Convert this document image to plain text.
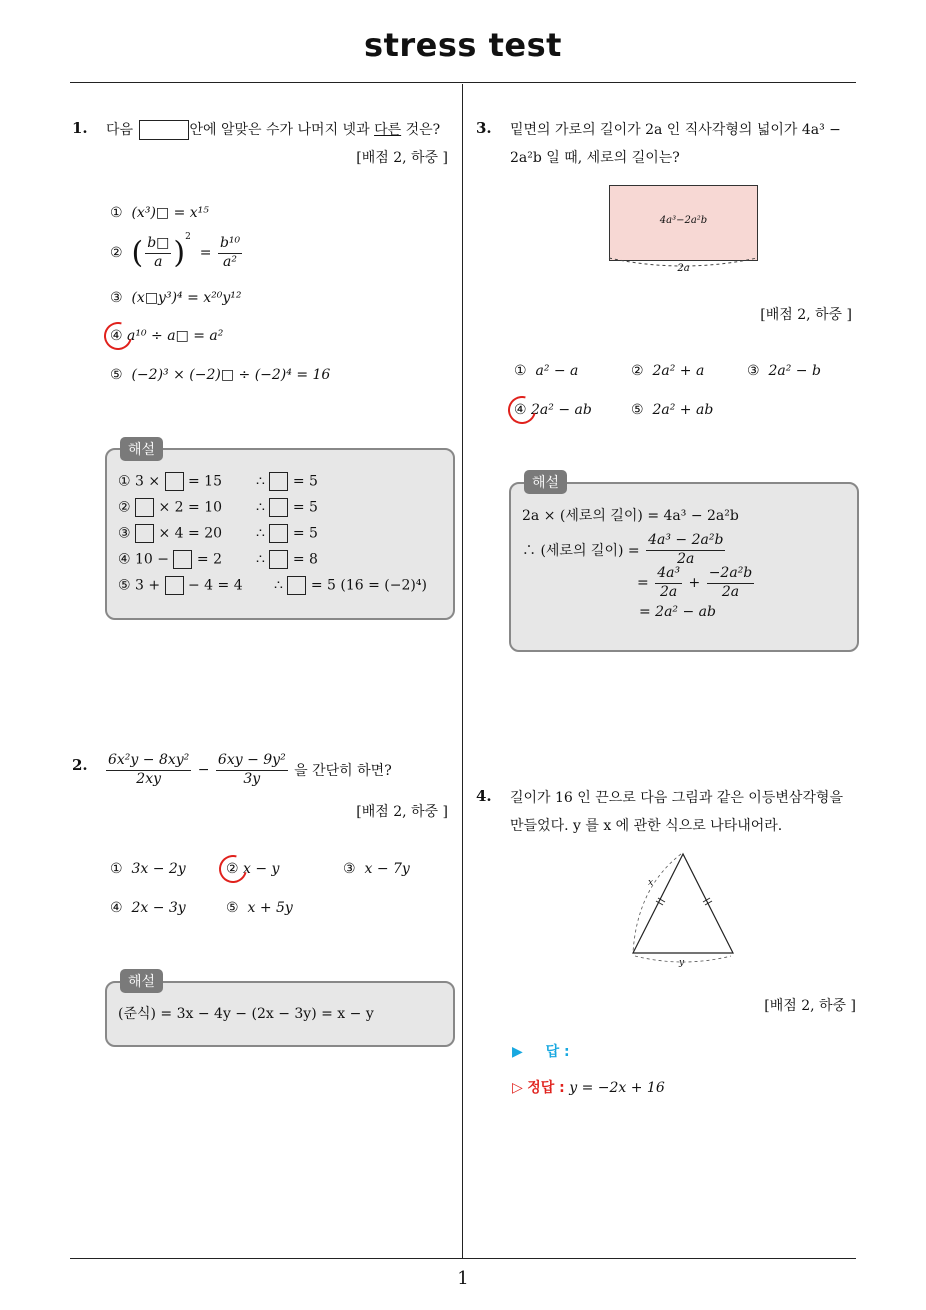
stress test
1
1. 다음	안에 알맞은 수가 나머지 넷과 다른 것은?
[배점 2, 하중 ]
① (x³)□ = x¹⁵
② ( $\frac{b□}{a} )^2 = \frac{\text{b¹⁰}}{\text{a²}}$
③ (x□y³)⁴ = x²⁰y¹²
④ a¹⁰ ÷ a□ = a²
⑤ (−2)³ × (−2)□ ÷ (−2)⁴ = 16
해설
① 3 × = 15 ∴ = 5
② × 2 = 10 ∴ = 5
③ × 4 = 20 ∴ = 5
④ 10 − = 2 ∴ = 8
⑤ 3 + − 4 = 4 ∴ = 5 (16 = (−2)⁴)
2. $\frac{\text{6x²y − 8xy²}}{2xy} - \frac{\text{6xy − 9y²}}{3y}$ 을 간단히 하면?
[배점 2, 하중 ]
① 3x − 2y	② x − y	③ x − 7y
④ 2x − 3y	⑤ x + 5y
해설
(준식) = 3x − 4y − (2x − 3y) = x − y
3. 밑면의 가로의 길이가 2a 인 직사각형의 넓이가 4a³ −
2a²b 일 때, 세로의 길이는?
4a³−2a²b
2a
[배점 2, 하중 ]
① a² − a	② 2a² + a	③ 2a² − b
④ 2a² − ab	⑤ 2a² + ab
해설
2a × (세로의 길이) = 4a³ − 2a²b
∴ (세로의 길이) = $\frac{\text{4a³ − 2a²b}}{2a}$
= $\frac{\text{4a³}}{2a} + \frac{\text{−2a²b}}{2a}$
= 2a² − ab
4. 길이가 16 인 끈으로 다음 그림과 같은 이등변삼각형을
만들었다. y 를 x 에 관한 식으로 나타내어라.
x
y
[배점 2, 하중 ]
▶ 답 :
▷ 정답 : y = −2x + 16
